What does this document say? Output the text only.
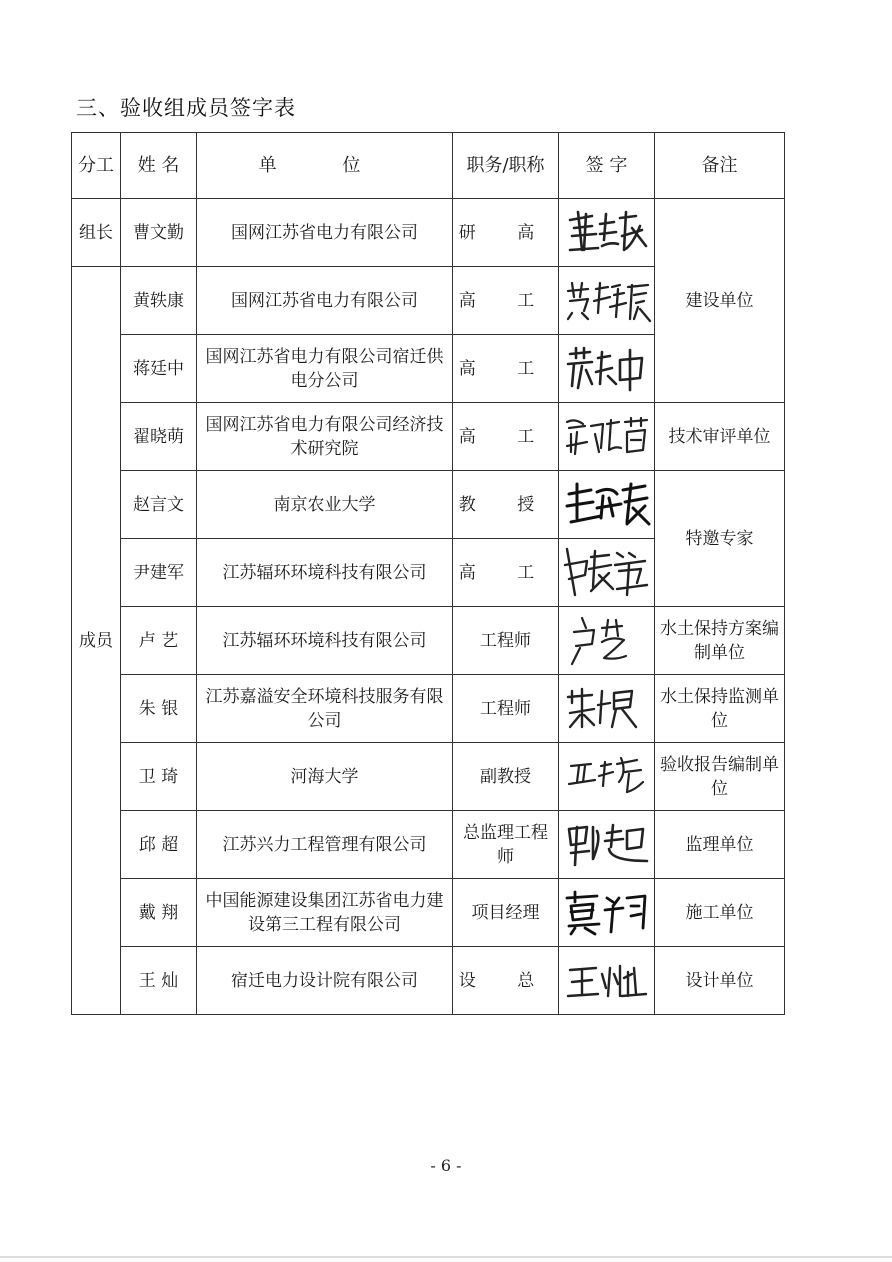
三、验收组成员签字表
分工	姓 名	单 位	职务/职称	签 字	备注
组长	曹文勤	国网江苏省电力有限公司	研 高		建设单位
成员	黄轶康	国网江苏省电力有限公司	高 工	

	蒋廷中	国网江苏省电力有限公司宿迁供电分公司	高 工	

	翟晓萌	国网江苏省电力有限公司经济技术研究院	高 工		技术审评单位
	赵言文	南京农业大学	教 授		特邀专家
	尹建军	江苏辐环环境科技有限公司	高 工	

	卢 艺	江苏辐环环境科技有限公司	工程师		水土保持方案编制单位
	朱 银	江苏嘉溢安全环境科技服务有限公司	工程师		水土保持监测单位
	卫 琦	河海大学	副教授		验收报告编制单位
	邱 超	江苏兴力工程管理有限公司	总监理工程师		监理单位
	戴 翔	中国能源建设集团江苏省电力建设第三工程有限公司	项目经理		施工单位
	王 灿	宿迁电力设计院有限公司	设 总		设计单位
- 6 -
